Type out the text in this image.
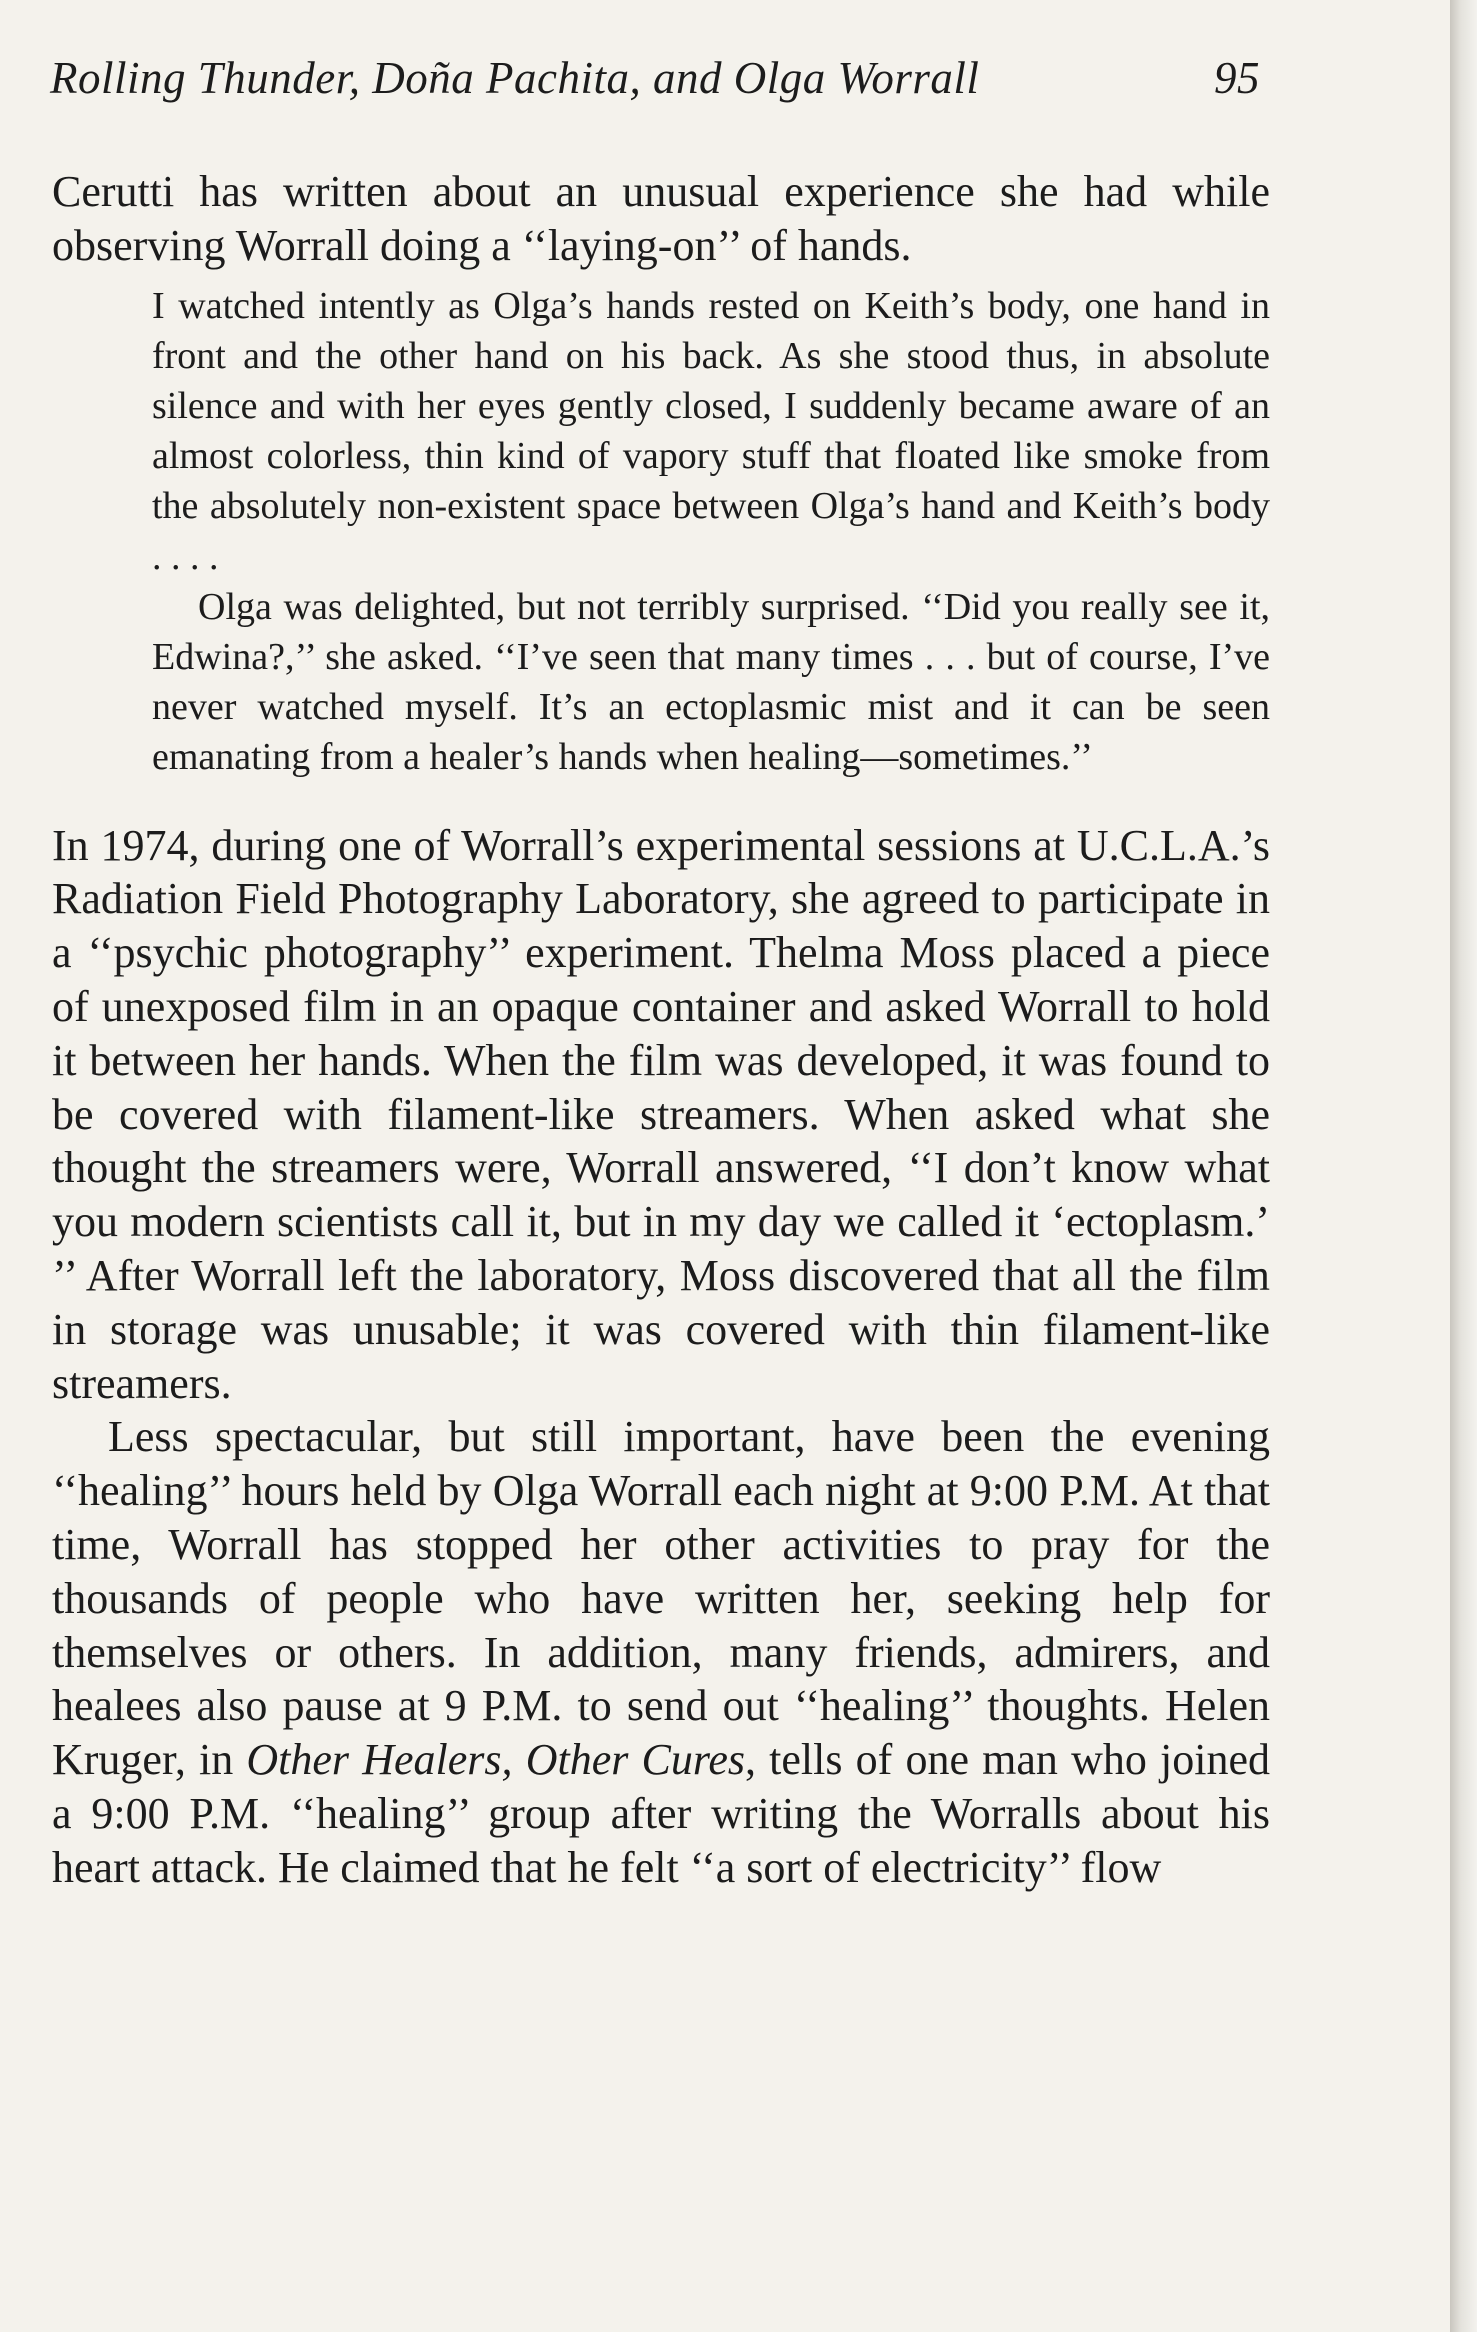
Rolling Thunder, Doña Pachita, and Olga Worrall	95

Cerutti has written about an unusual experience she had while observing Worrall doing a ‘‘laying-on’’ of hands.

I watched intently as Olga’s hands rested on Keith’s body, one hand in front and the other hand on his back. As she stood thus, in absolute silence and with her eyes gently closed, I suddenly became aware of an almost colorless, thin kind of vapory stuff that floated like smoke from the absolutely non-existent space between Olga’s hand and Keith’s body . . . .

Olga was delighted, but not terribly surprised. ‘‘Did you really see it, Edwina?,’’ she asked. ‘‘I’ve seen that many times . . . but of course, I’ve never watched myself. It’s an ectoplasmic mist and it can be seen emanating from a healer’s hands when healing—sometimes.’’

In 1974, during one of Worrall’s experimental sessions at U.C.L.A.’s Radiation Field Photography Laboratory, she agreed to participate in a ‘‘psychic photography’’ experiment. Thelma Moss placed a piece of unexposed film in an opaque container and asked Worrall to hold it between her hands. When the film was developed, it was found to be covered with filament-like streamers. When asked what she thought the streamers were, Worrall answered, ‘‘I don’t know what you modern scientists call it, but in my day we called it ‘ectoplasm.’ ’’ After Worrall left the laboratory, Moss discovered that all the film in storage was unusable; it was covered with thin filament-like streamers.

Less spectacular, but still important, have been the evening ‘‘healing’’ hours held by Olga Worrall each night at 9:00 P.M. At that time, Worrall has stopped her other activities to pray for the thousands of people who have written her, seeking help for themselves or others. In addition, many friends, admirers, and healees also pause at 9 P.M. to send out ‘‘healing’’ thoughts. Helen Kruger, in Other Healers, Other Cures, tells of one man who joined a 9:00 P.M. ‘‘healing’’ group after writing the Worralls about his heart attack. He claimed that he felt ‘‘a sort of electricity’’ flow
